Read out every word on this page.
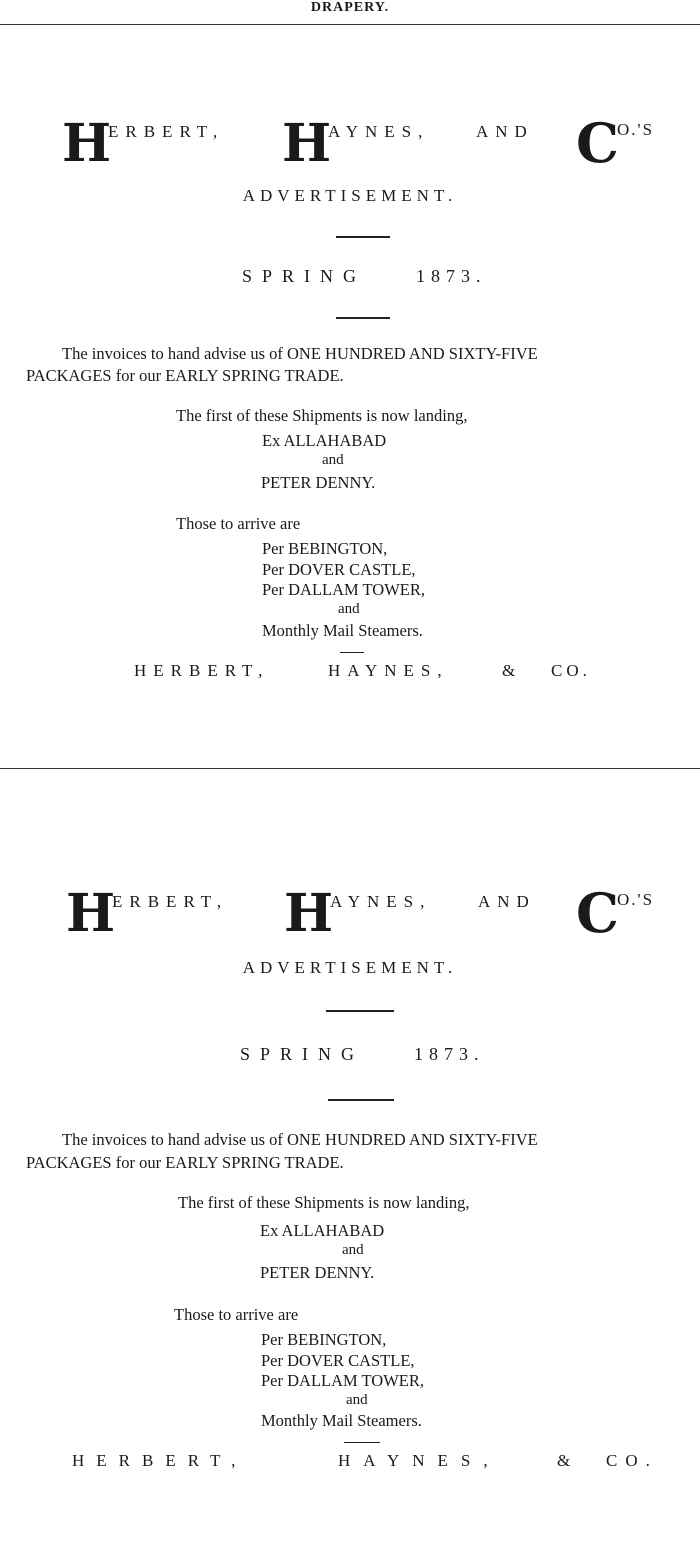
DRAPERY.
H
ERBERT, H
AYNES,	AND C
O.'S
ADVERTISEMENT.
SPRING	1873.
The invoices to hand advise us of ONE HUNDRED AND SIXTY-FIVE
PACKAGES for our EARLY SPRING TRADE.
The first of these Shipments is now landing,
Ex ALLAHABAD
and
PETER DENNY.
Those to arrive are
Per BEBINGTON,
Per DOVER CASTLE,
Per DALLAM TOWER,
and
Monthly Mail Steamers.
HERBERT,	HAYNES,	& CO.
H
ERBERT, H
AYNES,	AND C
O.'S
ADVERTISEMENT.
SPRING	1873.
The invoices to hand advise us of ONE HUNDRED AND SIXTY-FIVE
PACKAGES for our EARLY SPRING TRADE.
The first of these Shipments is now landing,
Ex ALLAHABAD
and
PETER DENNY.
Those to arrive are
Per BEBINGTON,
Per DOVER CASTLE,
Per DALLAM TOWER,
and
Monthly Mail Steamers.
HERBERT,	HAYNES,	& CO.
